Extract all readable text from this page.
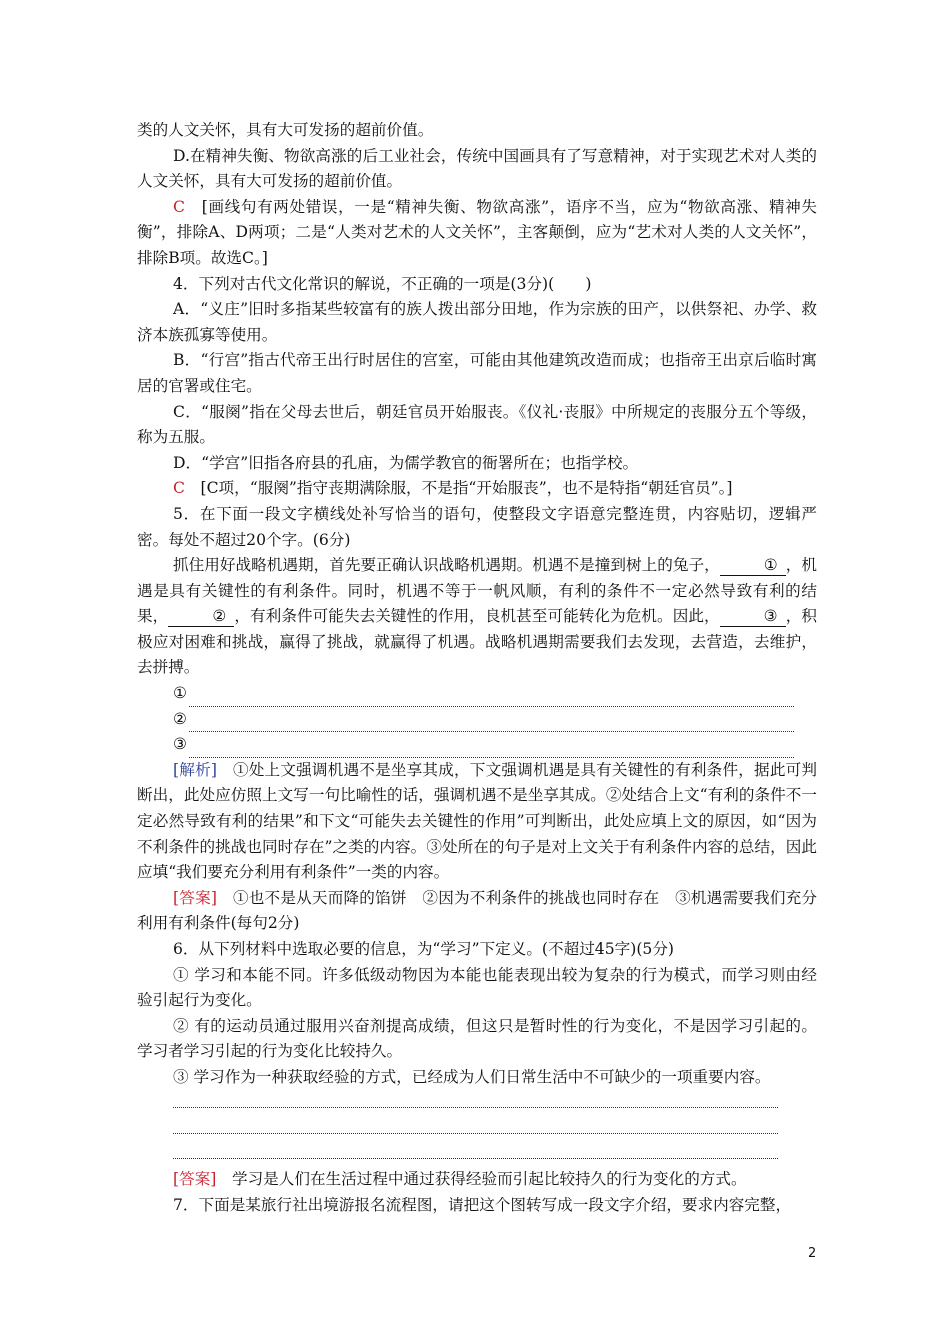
类的人文关怀，具有大可发扬的超前价值。

D.在精神失衡、物欲高涨的后工业社会，传统中国画具有了写意精神，对于实现艺术对人类的人文关怀，具有大可发扬的超前价值。

C　 [画线句有两处错误，一是“精神失衡、物欲高涨”，语序不当，应为“物欲高涨、精神失衡”，排除A、D两项；二是“人类对艺术的人文关怀”，主客颠倒，应为“艺术对人类的人文关怀”，排除B项。故选C。]

4．下列对古代文化常识的解说，不正确的一项是(3分)(　　)

A．“义庄”旧时多指某些较富有的族人拨出部分田地，作为宗族的田产，以供祭祀、办学、救济本族孤寡等使用。

B．“行宫”指古代帝王出行时居住的宫室，可能由其他建筑改造而成；也指帝王出京后临时寓居的官署或住宅。

C．“服阕”指在父母去世后，朝廷官员开始服丧。《仪礼·丧服》中所规定的丧服分五个等级，称为五服。

D．“学宫”旧指各府县的孔庙，为儒学教官的衙署所在；也指学校。

C　 [C项，“服阕”指守丧期满除服，不是指“开始服丧”，也不是特指“朝廷官员”。]

5．在下面一段文字横线处补写恰当的语句，使整段文字语意完整连贯，内容贴切，逻辑严密。每处不超过20个字。(6分)

抓住用好战略机遇期，首先要正确认识战略机遇期。机遇不是撞到树上的兔子，	① ，机遇是具有关键性的有利条件。同时，机遇不等于一帆风顺，有利的条件不一定必然导致有利的结果，	② ，有利条件可能失去关键性的作用，良机甚至可能转化为危机。因此，	③ ，积极应对困难和挑战，赢得了挑战，就赢得了机遇。战略机遇期需要我们去发现，去营造，去维护，去拼搏。

①
②
③

[解析]　 ①处上文强调机遇不是坐享其成，下文强调机遇是具有关键性的有利条件，据此可判断出，此处应仿照上文写一句比喻性的话，强调机遇不是坐享其成。②处结合上文“有利的条件不一定必然导致有利的结果”和下文“可能失去关键性的作用”可判断出，此处应填上文的原因，如“因为不利条件的挑战也同时存在”之类的内容。③处所在的句子是对上文关于有利条件内容的总结，因此应填“我们要充分利用有利条件”一类的内容。

[答案]　 ①也不是从天而降的馅饼　②因为不利条件的挑战也同时存在　③机遇需要我们充分利用有利条件(每句2分)

6．从下列材料中选取必要的信息，为“学习”下定义。(不超过45字)(5分)

① 学习和本能不同。许多低级动物因为本能也能表现出较为复杂的行为模式，而学习则由经验引起行为变化。

② 有的运动员通过服用兴奋剂提高成绩，但这只是暂时性的行为变化，不是因学习引起的。学习者学习引起的行为变化比较持久。

③ 学习作为一种获取经验的方式，已经成为人们日常生活中不可缺少的一项重要内容。

[答案]　 学习是人们在生活过程中通过获得经验而引起比较持久的行为变化的方式。

7．下面是某旅行社出境游报名流程图，请把这个图转写成一段文字介绍，要求内容完整，

2
